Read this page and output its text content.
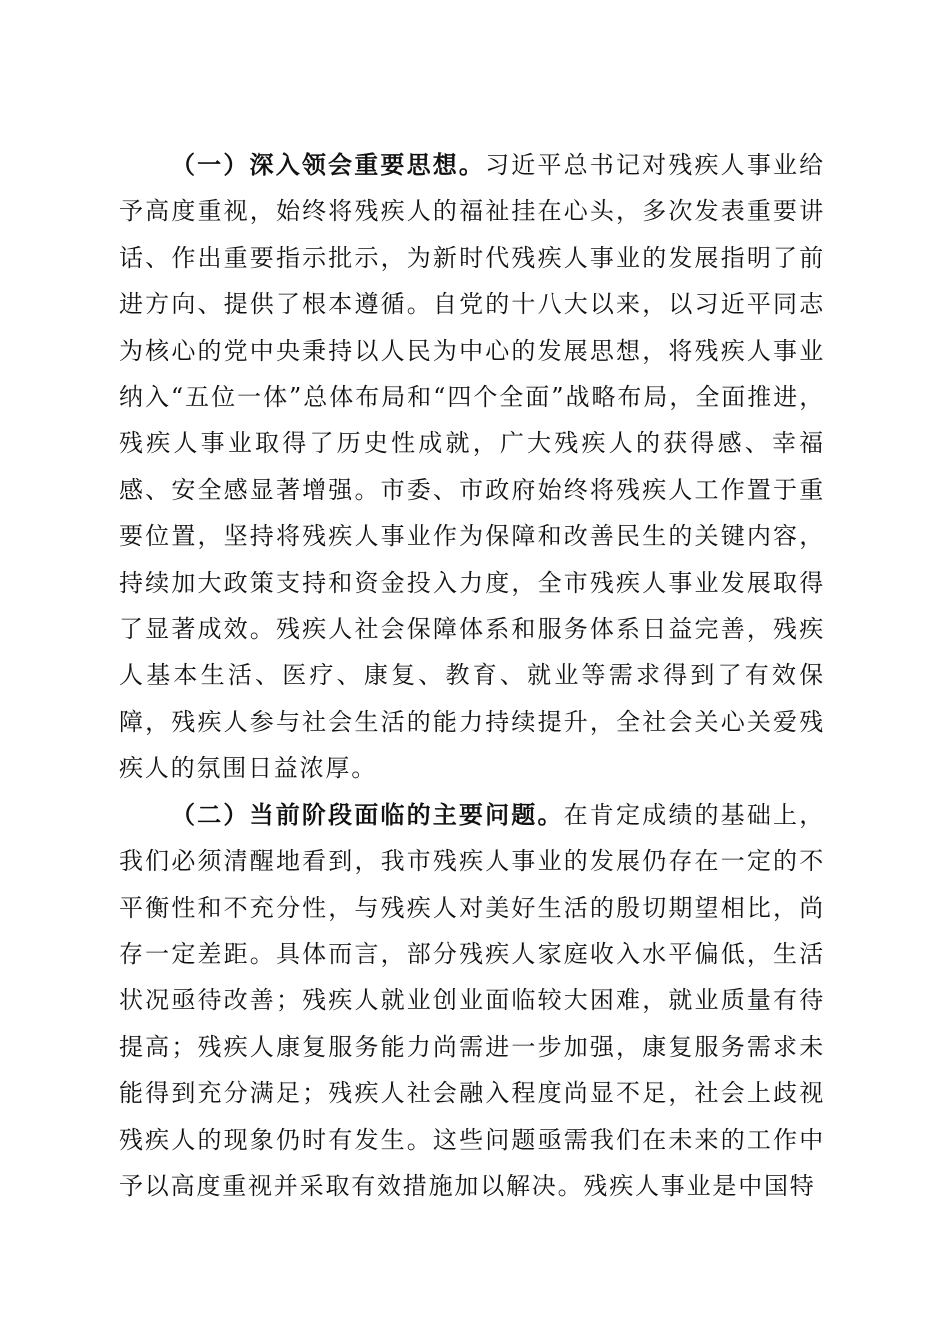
（一）深入领会重要思想。习近平总书记对残疾人事业给予高度重视，始终将残疾人的福祉挂在心头，多次发表重要讲话、作出重要指示批示，为新时代残疾人事业的发展指明了前进方向、提供了根本遵循。自党的十八大以来，以习近平同志为核心的党中央秉持以人民为中心的发展思想，将残疾人事业纳入“五位一体”总体布局和“四个全面”战略布局，全面推进，残疾人事业取得了历史性成就，广大残疾人的获得感、幸福感、安全感显著增强。市委、市政府始终将残疾人工作置于重要位置，坚持将残疾人事业作为保障和改善民生的关键内容，持续加大政策支持和资金投入力度，全市残疾人事业发展取得了显著成效。残疾人社会保障体系和服务体系日益完善，残疾人基本生活、医疗、康复、教育、就业等需求得到了有效保障，残疾人参与社会生活的能力持续提升，全社会关心关爱残疾人的氛围日益浓厚。

（二）当前阶段面临的主要问题。在肯定成绩的基础上，我们必须清醒地看到，我市残疾人事业的发展仍存在一定的不平衡性和不充分性，与残疾人对美好生活的殷切期望相比，尚存一定差距。具体而言，部分残疾人家庭收入水平偏低，生活状况亟待改善；残疾人就业创业面临较大困难，就业质量有待提高；残疾人康复服务能力尚需进一步加强，康复服务需求未能得到充分满足；残疾人社会融入程度尚显不足，社会上歧视残疾人的现象仍时有发生。这些问题亟需我们在未来的工作中予以高度重视并采取有效措施加以解决。残疾人事业是中国特
